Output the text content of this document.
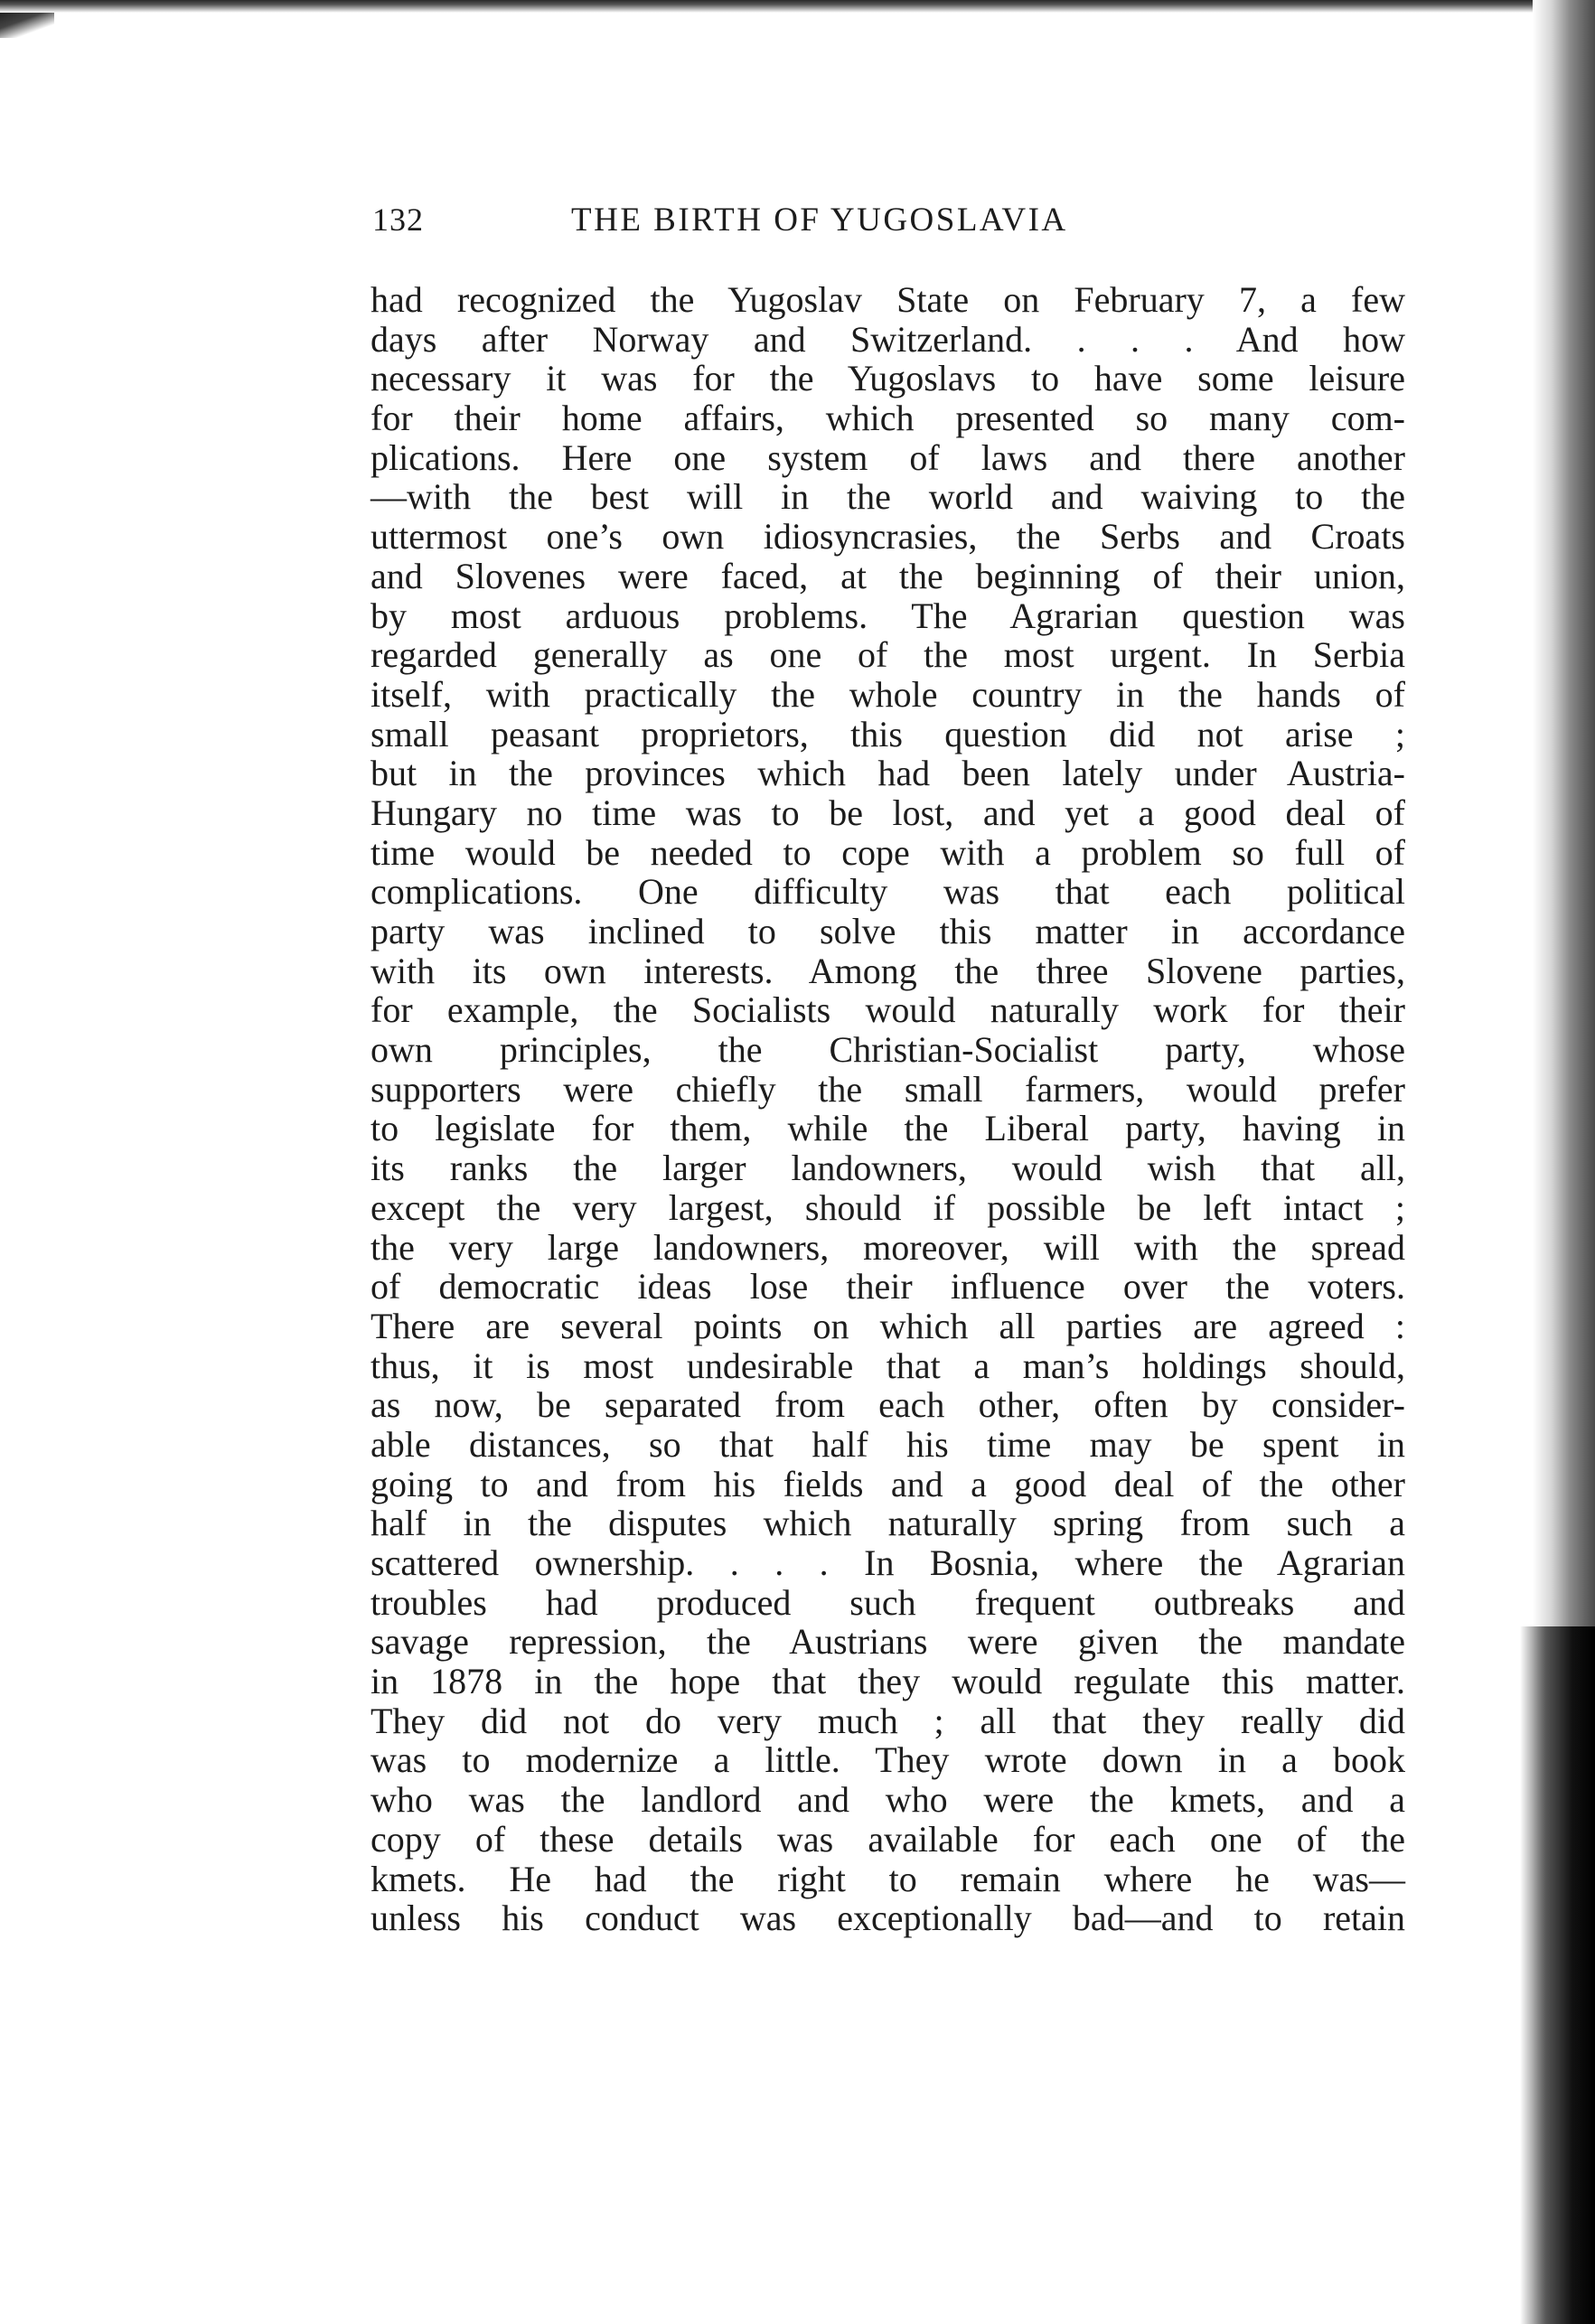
132	THE BIRTH OF YUGOSLAVIA
had recognized the Yugoslav State on February 7, a few
days after Norway and Switzerland. . . . And how
necessary it was for the Yugoslavs to have some leisure
for their home affairs, which presented so many com-
plications. Here one system of laws and there another
—with the best will in the world and waiving to the
uttermost one’s own idiosyncrasies, the Serbs and Croats
and Slovenes were faced, at the beginning of their union,
by most arduous problems. The Agrarian question was
regarded generally as one of the most urgent. In Serbia
itself, with practically the whole country in the hands of
small peasant proprietors, this question did not arise ;
but in the provinces which had been lately under Austria-
Hungary no time was to be lost, and yet a good deal of
time would be needed to cope with a problem so full of
complications. One difficulty was that each political
party was inclined to solve this matter in accordance
with its own interests. Among the three Slovene parties,
for example, the Socialists would naturally work for their
own principles, the Christian-Socialist party, whose
supporters were chiefly the small farmers, would prefer
to legislate for them, while the Liberal party, having in
its ranks the larger landowners, would wish that all,
except the very largest, should if possible be left intact ;
the very large landowners, moreover, will with the spread
of democratic ideas lose their influence over the voters.
There are several points on which all parties are agreed :
thus, it is most undesirable that a man’s holdings should,
as now, be separated from each other, often by consider-
able distances, so that half his time may be spent in
going to and from his fields and a good deal of the other
half in the disputes which naturally spring from such a
scattered ownership. . . . In Bosnia, where the Agrarian
troubles had produced such frequent outbreaks and
savage repression, the Austrians were given the mandate
in 1878 in the hope that they would regulate this matter.
They did not do very much ; all that they really did
was to modernize a little. They wrote down in a book
who was the landlord and who were the kmets, and a
copy of these details was available for each one of the
kmets. He had the right to remain where he was—
unless his conduct was exceptionally bad—and to retain
